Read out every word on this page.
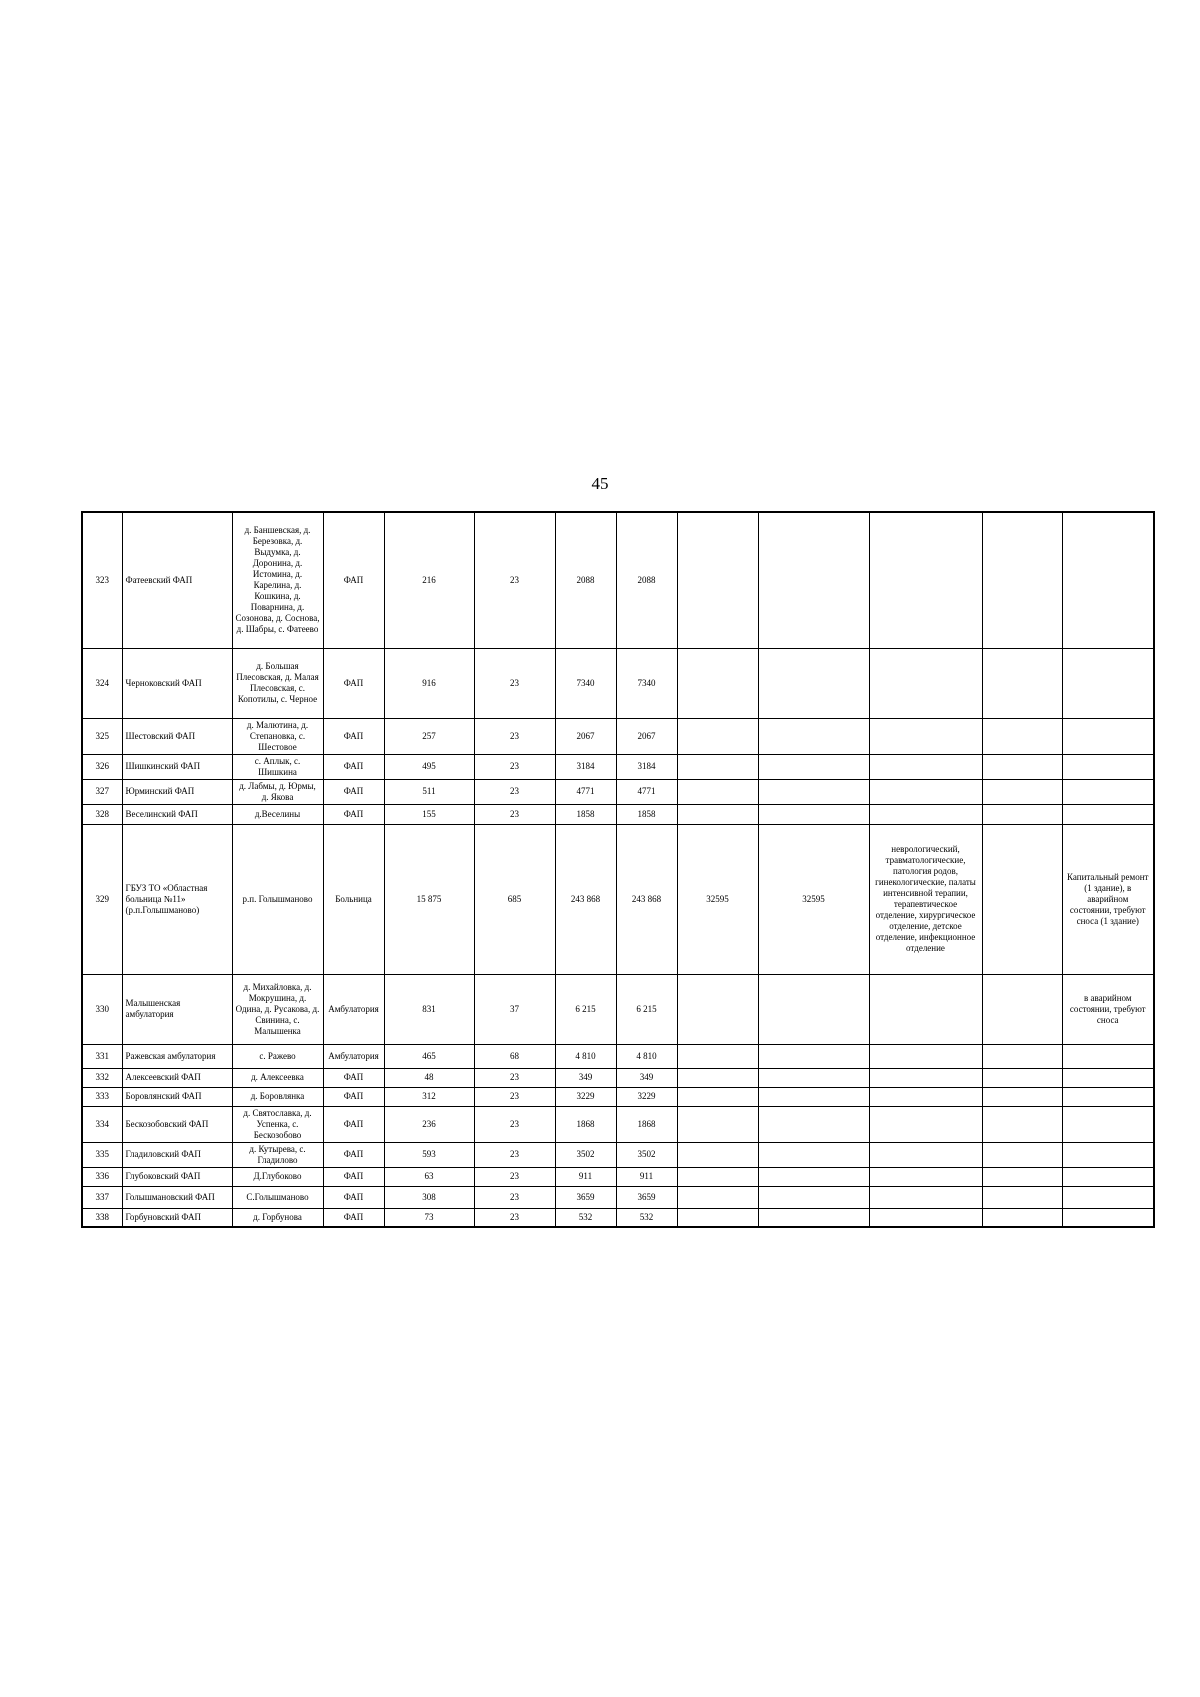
45
323	Фатеевский ФАП	д. Баншевская, д. Березовка, д. Выдумка, д. Доронина, д. Истомина, д. Карелина, д. Кошкина, д. Поварнина, д. Созонова, д. Соснова, д. Шабры, с. Фатеево	ФАП	216	23	2088	2088					
324	Черноковский ФАП	д. Большая Плесовская, д. Малая Плесовская, с. Копотилы, с. Черное	ФАП	916	23	7340	7340					
325	Шестовский ФАП	д. Малютина, д. Степановка, с. Шестовое	ФАП	257	23	2067	2067					
326	Шишкинский ФАП	с. Аплык, с. Шишкина	ФАП	495	23	3184	3184					
327	Юрминский ФАП	д. Лабмы, д. Юрмы, д. Якова	ФАП	511	23	4771	4771					
328	Веселинский ФАП	д.Веселины	ФАП	155	23	1858	1858					
329	ГБУЗ ТО «Областная больница №11» (р.п.Голышманово)	р.п. Голышманово	Больница	15 875	685	243 868	243 868	32595	32595	неврологический, травматологические, патология родов, гинекологические, палаты интенсивной терапии, терапевтическое отделение, хирургическое отделение, детское отделение, инфекционное отделение		Капитальный ремонт (1 здание), в аварийном состоянии, требуют сноса (1 здание)
330	Малышенская амбулатория	д. Михайловка, д. Мокрушина, д. Одина, д. Русакова, д. Свинина, с. Малышенка	Амбулатория	831	37	6 215	6 215					в аварийном состоянии, требуют сноса
331	Ражевская амбулатория	с. Ражево	Амбулатория	465	68	4 810	4 810					
332	Алексеевский ФАП	д. Алексеевка	ФАП	48	23	349	349					
333	Боровлянский ФАП	д. Боровлянка	ФАП	312	23	3229	3229					
334	Бескозобовский ФАП	д. Святославка, д. Успенка, с. Бескозобово	ФАП	236	23	1868	1868					
335	Гладиловский ФАП	д. Кутырева, с. Гладилово	ФАП	593	23	3502	3502					
336	Глубоковский ФАП	Д.Глубоково	ФАП	63	23	911	911					
337	Голышмановский ФАП	С.Голышманово	ФАП	308	23	3659	3659					
338	Горбуновский ФАП	д. Горбунова	ФАП	73	23	532	532					
